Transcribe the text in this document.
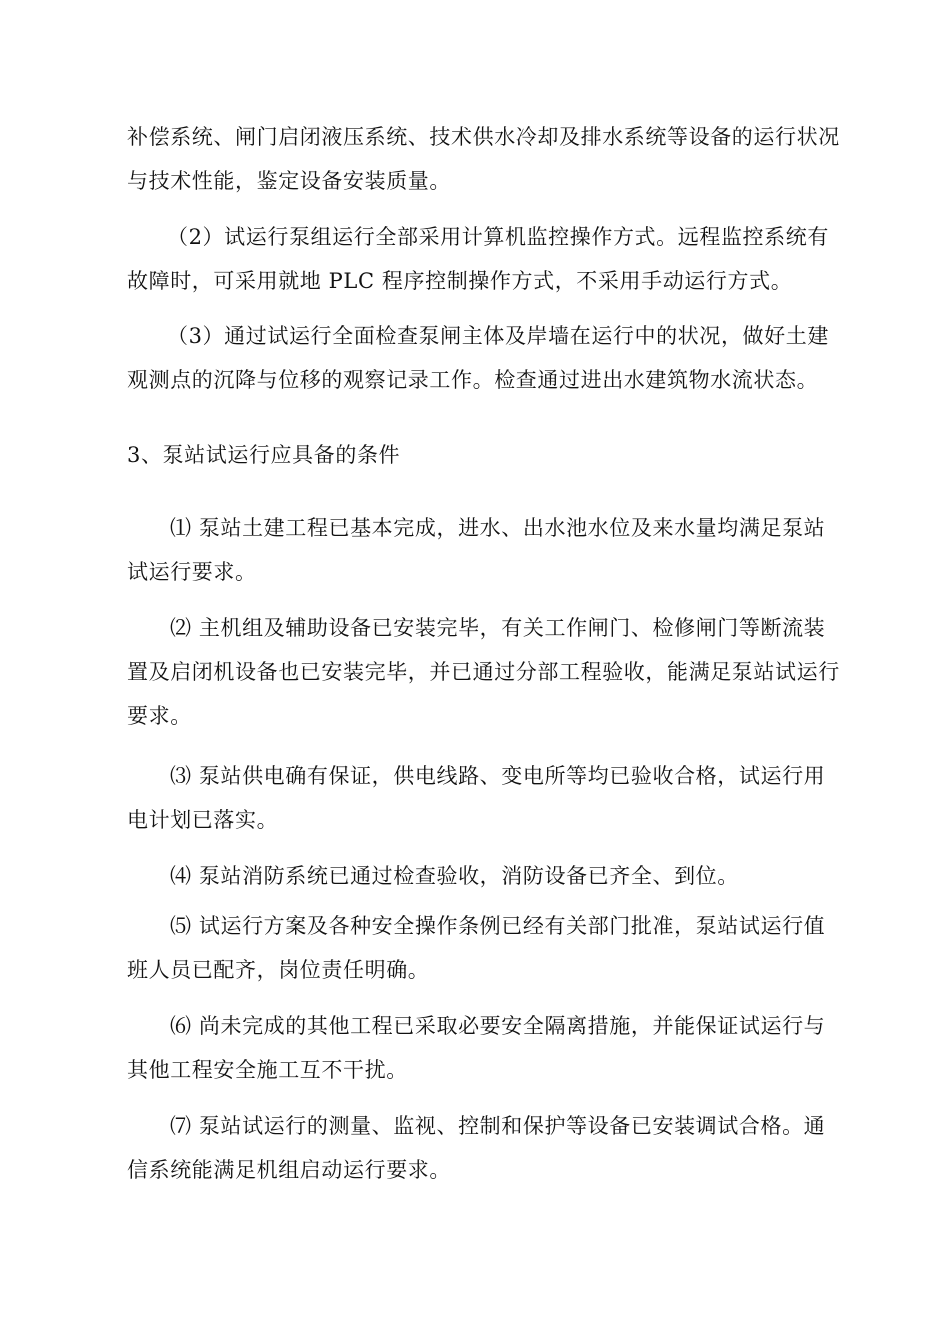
补偿系统、闸门启闭液压系统、技术供水冷却及排水系统等设备的运行状况
与技术性能，鉴定设备安装质量。

（2）试运行泵组运行全部采用计算机监控操作方式。远程监控系统有

故障时，可采用就地 PLC 程序控制操作方式，不采用手动运行方式。

（3）通过试运行全面检查泵闸主体及岸墙在运行中的状况，做好土建

观测点的沉降与位移的观察记录工作。检查通过进出水建筑物水流状态。

3、泵站试运行应具备的条件

⑴ 泵站土建工程已基本完成，进水、出水池水位及来水量均满足泵站

试运行要求。

⑵ 主机组及辅助设备已安装完毕，有关工作闸门、检修闸门等断流装

置及启闭机设备也已安装完毕，并已通过分部工程验收，能满足泵站试运行
要求。

⑶ 泵站供电确有保证，供电线路、变电所等均已验收合格，试运行用

电计划已落实。

⑷ 泵站消防系统已通过检查验收，消防设备已齐全、到位。

⑸ 试运行方案及各种安全操作条例已经有关部门批准，泵站试运行值

班人员已配齐，岗位责任明确。

⑹ 尚未完成的其他工程已采取必要安全隔离措施，并能保证试运行与

其他工程安全施工互不干扰。

⑺ 泵站试运行的测量、监视、控制和保护等设备已安装调试合格。通

信系统能满足机组启动运行要求。
